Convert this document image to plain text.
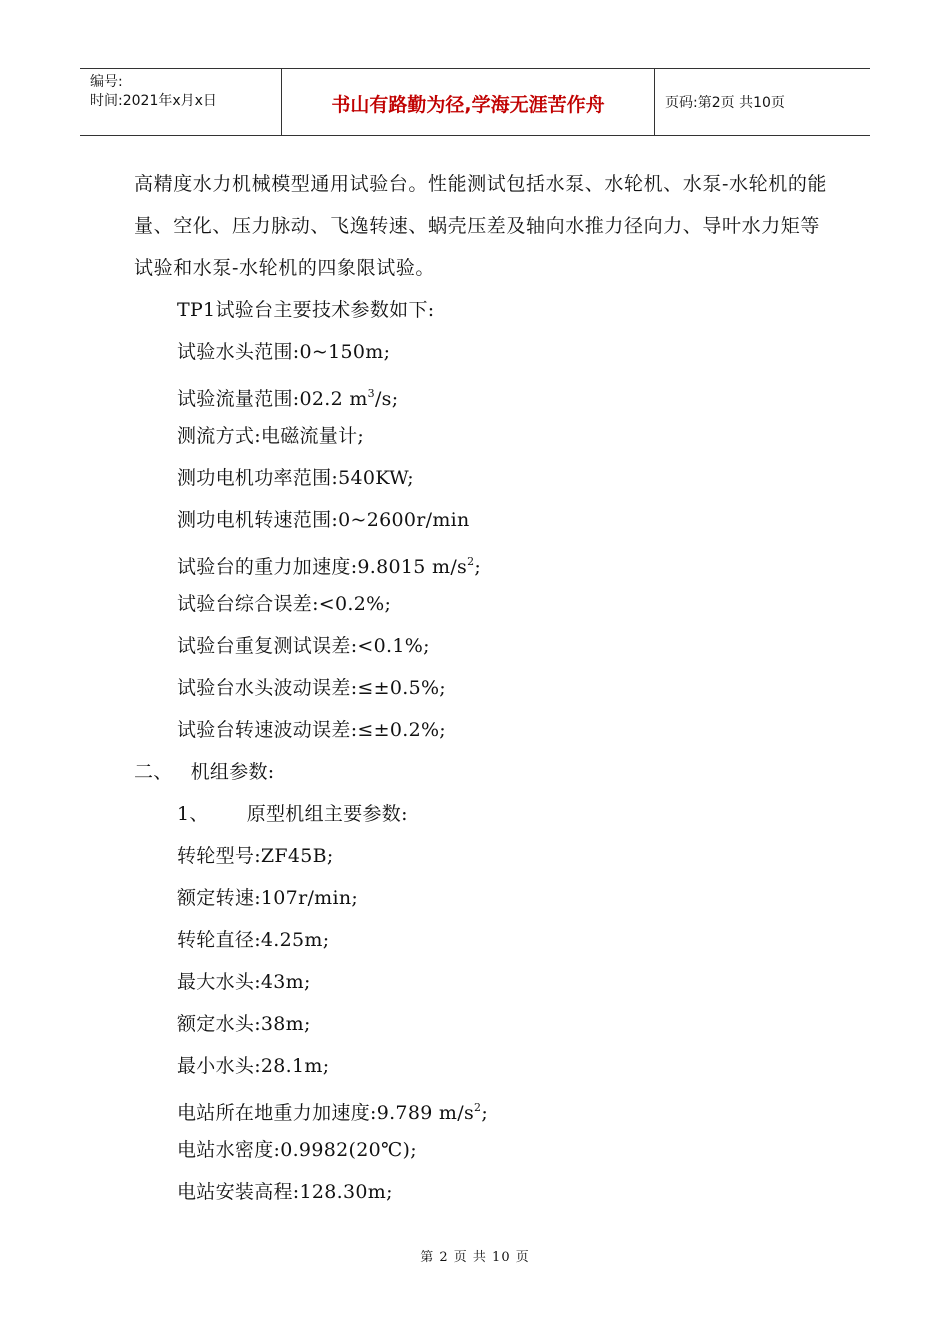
编号:
时间:2021年x月x日	书山有路勤为径,学海无涯苦作舟	页码:第2页 共10页

高精度水力机械模型通用试验台。性能测试包括水泵、水轮机、水泵-水轮机的能量、空化、压力脉动、飞逸转速、蜗壳压差及轴向水推力径向力、导叶水力矩等试验和水泵-水轮机的四象限试验。

TP1试验台主要技术参数如下:
试验水头范围:0~150m;
试验流量范围:02.2 $m^3/s$;
测流方式:电磁流量计;
测功电机功率范围:540KW;
测功电机转速范围:0~2600r/min
试验台的重力加速度:9.8015 $m/s^2$;
试验台综合误差:<0.2%;
试验台重复测试误差:<0.1%;
试验台水头波动误差:≤±0.5%;
试验台转速波动误差:≤±0.2%;
二、 机组参数:
1、 原型机组主要参数:
转轮型号:ZF45B;
额定转速:107r/min;
转轮直径:4.25m;
最大水头:43m;
额定水头:38m;
最小水头:28.1m;
电站所在地重力加速度:9.789 $m/s^2$;
电站水密度:0.9982(20℃);
电站安装高程:128.30m;
第 2 页 共 10 页
